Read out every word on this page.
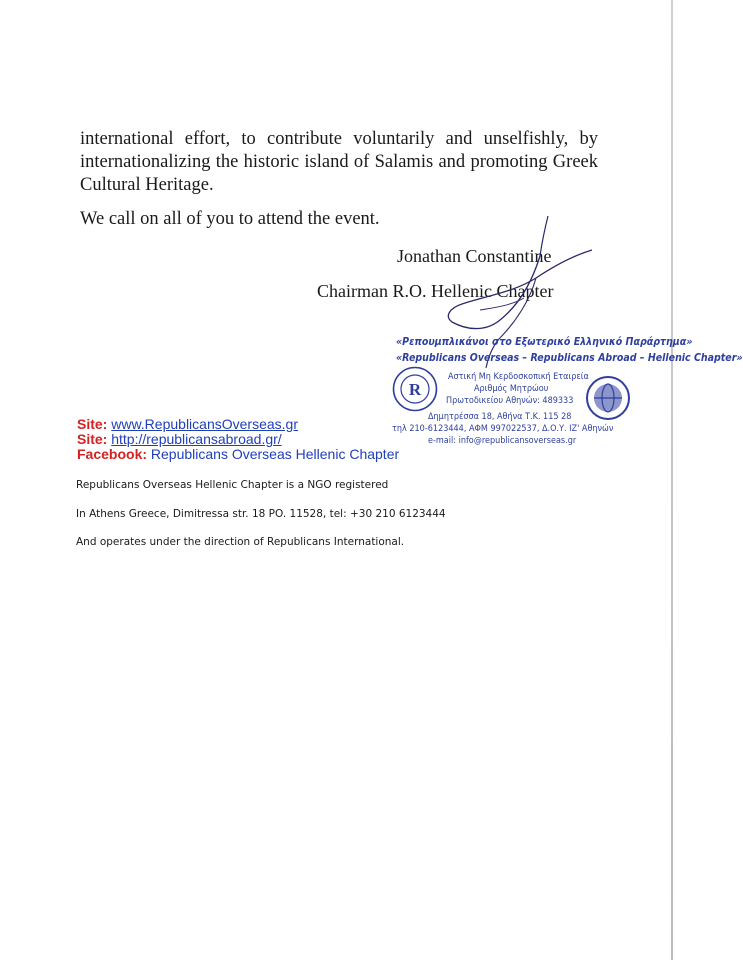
international effort, to contribute voluntarily and unselfishly, by internationalizing the historic island of Salamis and promoting Greek Cultural Heritage.

We call on all of you to attend the event.

Jonathan Constantine

Chairman R.O. Hellenic Chapter

«Ρεπουμπλικάνοι στο Εξωτερικό Ελληνικό Παράρτημα»

«Republicans Overseas – Republicans Abroad – Hellenic Chapter»

R

Αστική Μη Κερδοσκοπική Εταιρεία

Αριθμός Μητρώου

Πρωτοδικείου Αθηνών: 489333

Δημητρέσσα 18, Αθήνα Τ.Κ. 115 28

τηλ 210-6123444, ΑΦΜ 997022537, Δ.Ο.Υ. ΙΖ' Αθηνών

e-mail: info@republicansoverseas.gr

Site: www.RepublicansOverseas.gr
Site: http://republicansabroad.gr/
Facebook: Republicans Overseas Hellenic Chapter

Republicans Overseas Hellenic Chapter is a NGO registered

In Athens Greece, Dimitressa str. 18 PO. 11528, tel: +30 210 6123444

And operates under the direction of Republicans International.
